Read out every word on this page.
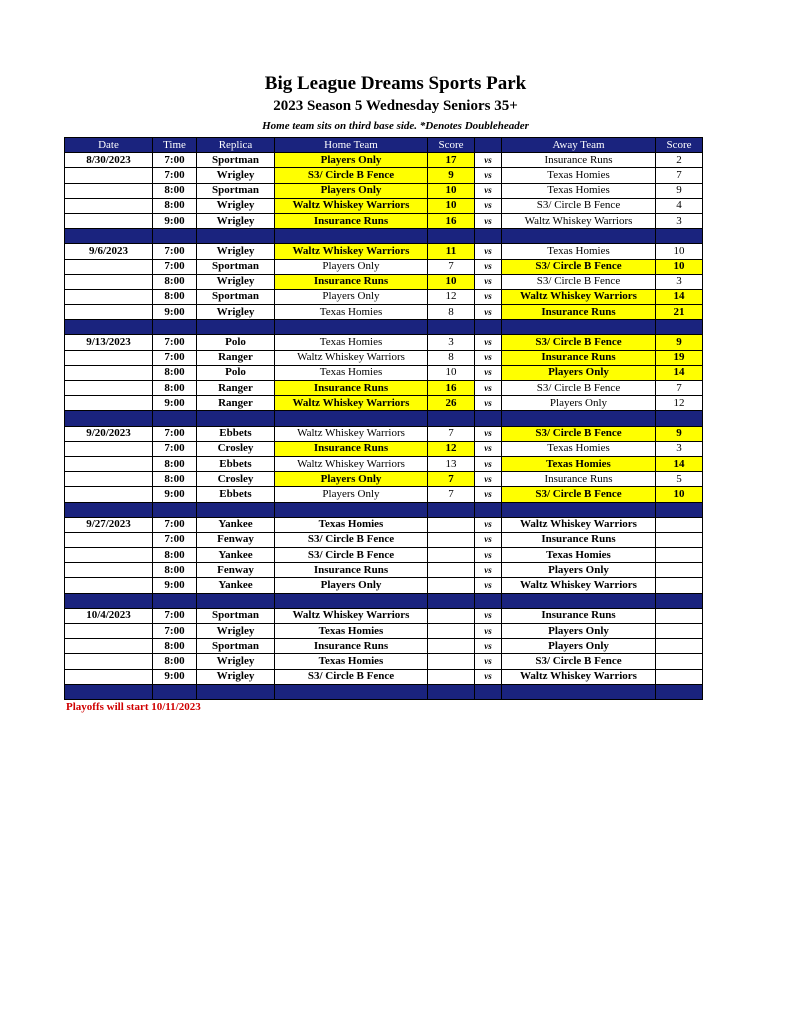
Big League Dreams Sports Park
2023 Season 5 Wednesday Seniors 35+
Home team sits on third base side. *Denotes Doubleheader
Date	Time	Replica	Home Team	Score		Away Team	Score
8/30/2023	7:00	Sportman	Players Only	17	vs	Insurance Runs	2
	7:00	Wrigley	S3/ Circle B Fence	9	vs	Texas Homies	7
	8:00	Sportman	Players Only	10	vs	Texas Homies	9
	8:00	Wrigley	Waltz Whiskey Warriors	10	vs	S3/ Circle B Fence	4
	9:00	Wrigley	Insurance Runs	16	vs	Waltz Whiskey Warriors	3

9/6/2023	7:00	Wrigley	Waltz Whiskey Warriors	11	vs	Texas Homies	10
	7:00	Sportman	Players Only	7	vs	S3/ Circle B Fence	10
	8:00	Wrigley	Insurance Runs	10	vs	S3/ Circle B Fence	3
	8:00	Sportman	Players Only	12	vs	Waltz Whiskey Warriors	14
	9:00	Wrigley	Texas Homies	8	vs	Insurance Runs	21

9/13/2023	7:00	Polo	Texas Homies	3	vs	S3/ Circle B Fence	9
	7:00	Ranger	Waltz Whiskey Warriors	8	vs	Insurance Runs	19
	8:00	Polo	Texas Homies	10	vs	Players Only	14
	8:00	Ranger	Insurance Runs	16	vs	S3/ Circle B Fence	7
	9:00	Ranger	Waltz Whiskey Warriors	26	vs	Players Only	12

9/20/2023	7:00	Ebbets	Waltz Whiskey Warriors	7	vs	S3/ Circle B Fence	9
	7:00	Crosley	Insurance Runs	12	vs	Texas Homies	3
	8:00	Ebbets	Waltz Whiskey Warriors	13	vs	Texas Homies	14
	8:00	Crosley	Players Only	7	vs	Insurance Runs	5
	9:00	Ebbets	Players Only	7	vs	S3/ Circle B Fence	10

9/27/2023	7:00	Yankee	Texas Homies		vs	Waltz Whiskey Warriors	
	7:00	Fenway	S3/ Circle B Fence		vs	Insurance Runs	
	8:00	Yankee	S3/ Circle B Fence		vs	Texas Homies	
	8:00	Fenway	Insurance Runs		vs	Players Only	
	9:00	Yankee	Players Only		vs	Waltz Whiskey Warriors	

10/4/2023	7:00	Sportman	Waltz Whiskey Warriors		vs	Insurance Runs	
	7:00	Wrigley	Texas Homies		vs	Players Only	
	8:00	Sportman	Insurance Runs		vs	Players Only	
	8:00	Wrigley	Texas Homies		vs	S3/ Circle B Fence	
	9:00	Wrigley	S3/ Circle B Fence		vs	Waltz Whiskey Warriors	

Playoffs will start 10/11/2023
